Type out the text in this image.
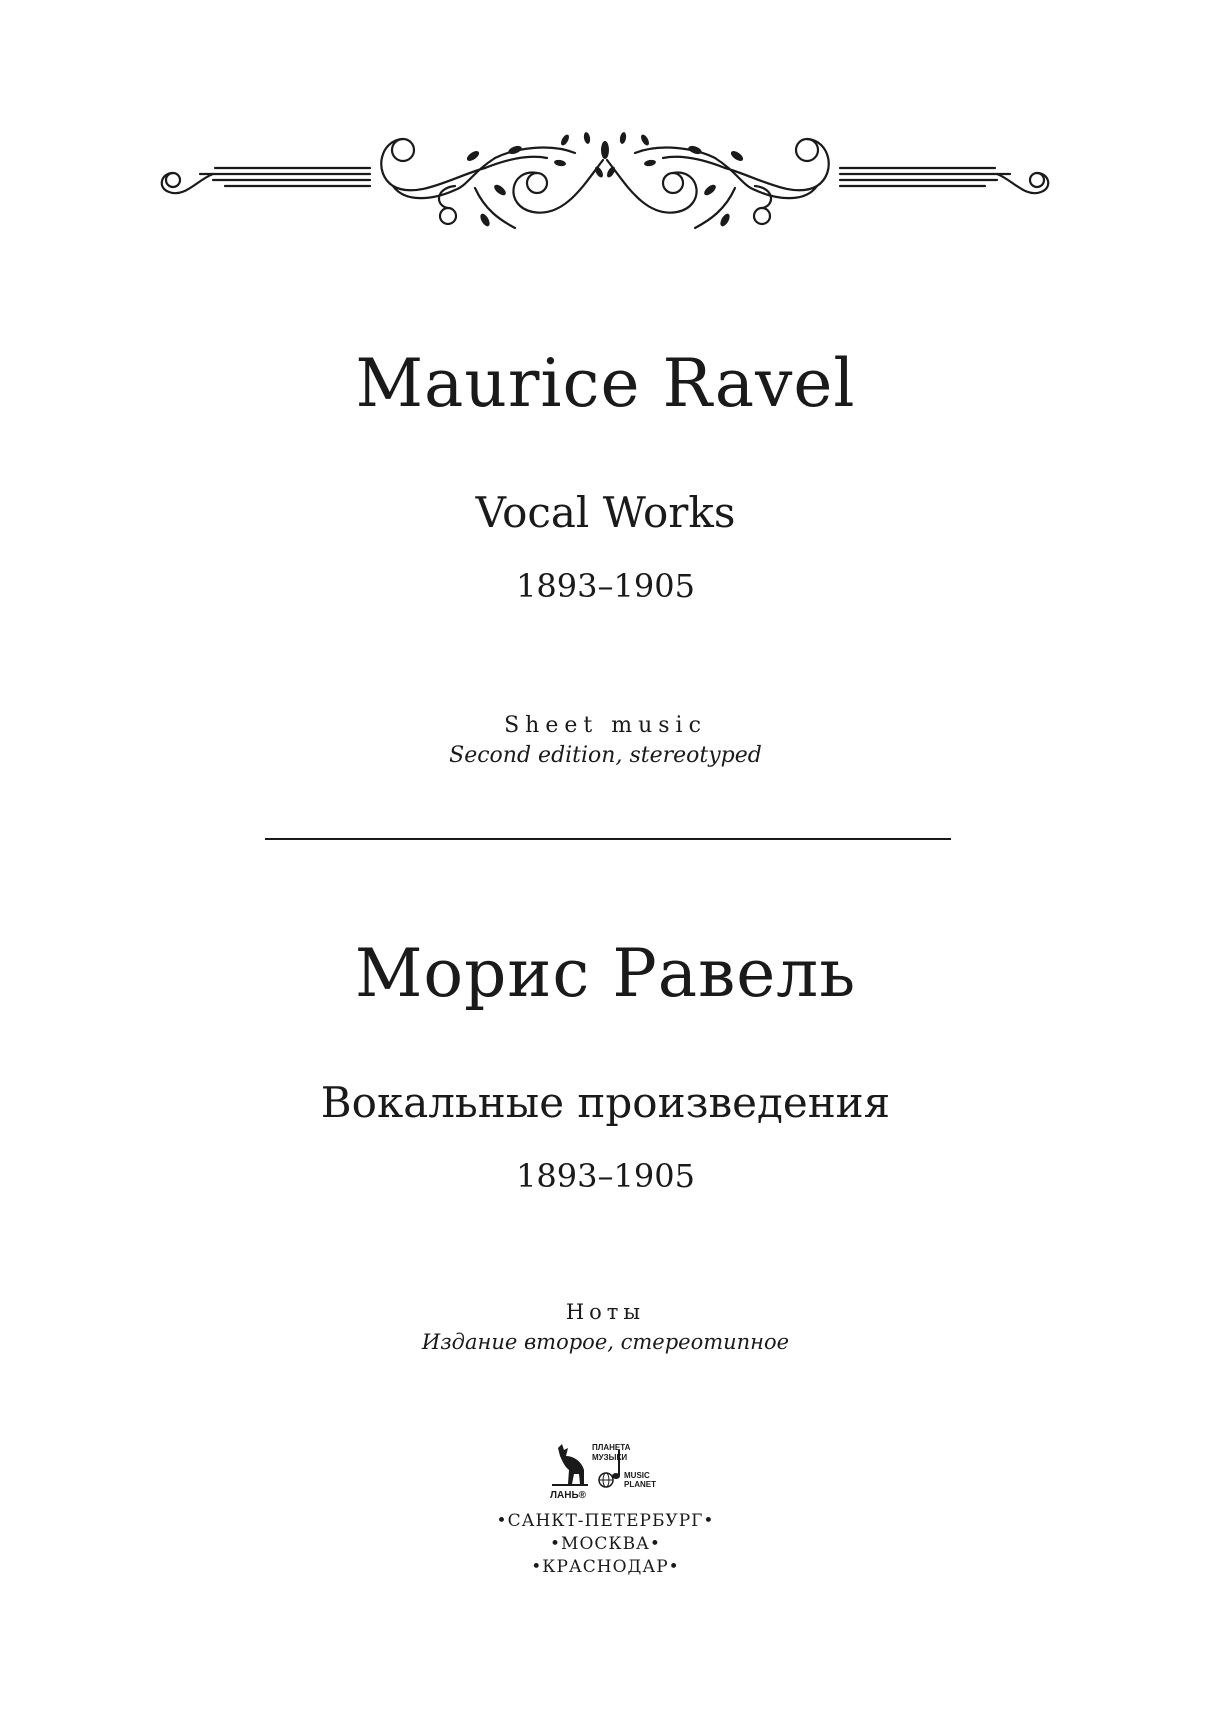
Maurice Ravel
Vocal Works
1893–1905
Sheet music
Second edition, stereotyped
Морис Равель
Вокальные произведения
1893–1905
Ноты
Издание второе, стереотипное
ПЛАНЕТА
МУЗЫКИ
MUSIC
PLANET
ЛАНЬ®
•САНКТ-ПЕТЕРБУРГ•
•МОСКВА•
•КРАСНОДАР•
